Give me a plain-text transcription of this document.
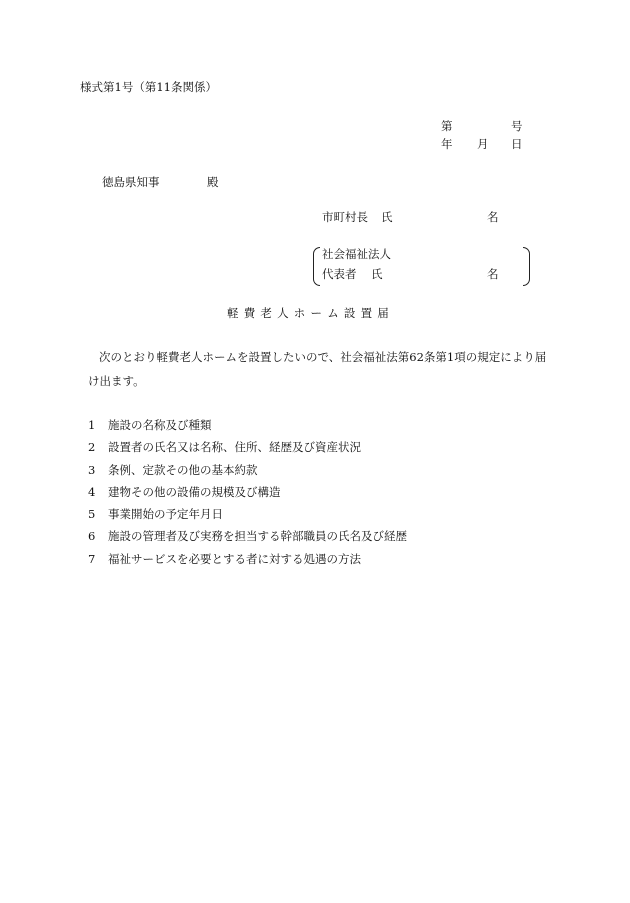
様式第1号（第11条関係）
第	号
年 月 日
徳島県知事	殿
市町村長 氏	名
社会福祉法人
代表者 氏	名
軽費老人ホーム設置届
次のとおり軽費老人ホームを設置したいので、社会福祉法第62条第1項の規定により届
け出ます。
1 施設の名称及び種類
2 設置者の氏名又は名称、住所、経歴及び資産状況
3 条例、定款その他の基本約款
4 建物その他の設備の規模及び構造
5 事業開始の予定年月日
6 施設の管理者及び実務を担当する幹部職員の氏名及び経歴
7 福祉サービスを必要とする者に対する処遇の方法
